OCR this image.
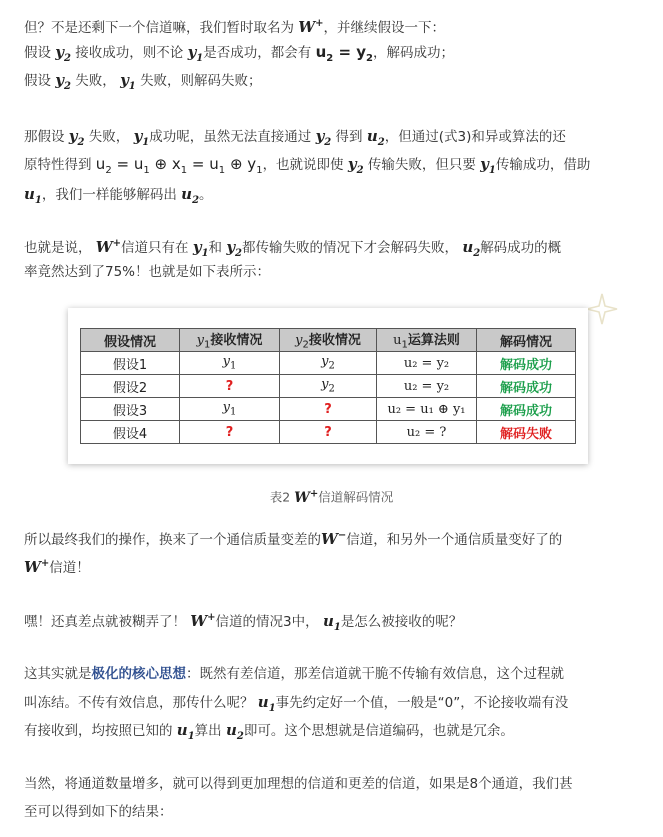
但？不是还剩下一个信道嘛，我们暂时取名为 W+，并继续假设一下：
假设 $y_2$ 接收成功，则不论 $y_1$是否成功，都会有 $u_2 = y_2$，解码成功；
假设 $y_2$ 失败， $y_1$ 失败，则解码失败；
那假设 $y_2$ 失败， $y_1$成功呢，虽然无法直接通过 $y_2$ 得到 $u_2$，但通过(式3)和异或算法的还
原特性得到 $u_2 = u_1$ ⊕ $x_1 = u_1$ ⊕ $y_1$，也就说即使 $y_2$ 传输失败，但只要 $y_1$传输成功，借助
$u_1$，我们一样能够解码出 $u_2$。
也就是说， W+信道只有在 $y_1$和 $y_2$都传输失败的情况下才会解码失败， $u_2$解码成功的概
率竟然达到了75%！也就是如下表所示：
假设情况	$y_1$接收情况	$y_2$接收情况	$u_1$运算法则	解码情况
假设1	$y_1$	$y_2$	u₂ = y₂	解码成功
假设2	?	$y_2$	u₂ = y₂	解码成功
假设3	$y_1$	?	u₂ = u₁ ⊕ y₁	解码成功
假设4	?	?	u₂ = ?	解码失败
表2 W+信道解码情况
所以最终我们的操作，换来了一个通信质量变差的W−信道，和另外一个通信质量变好了的
W+信道！
嘿！还真差点就被糊弄了！ W+信道的情况3中， $u_1$是怎么被接收的呢？
这其实就是极化的核心思想：既然有差信道，那差信道就干脆不传输有效信息，这个过程就
叫冻结。不传有效信息，那传什么呢？ $u_1$事先约定好一个值，一般是“0”，不论接收端有没
有接收到，均按照已知的 $u_1$算出 $u_2$即可。这个思想就是信道编码，也就是冗余。
当然，将通道数量增多，就可以得到更加理想的信道和更差的信道，如果是8个通道，我们甚
至可以得到如下的结果：
